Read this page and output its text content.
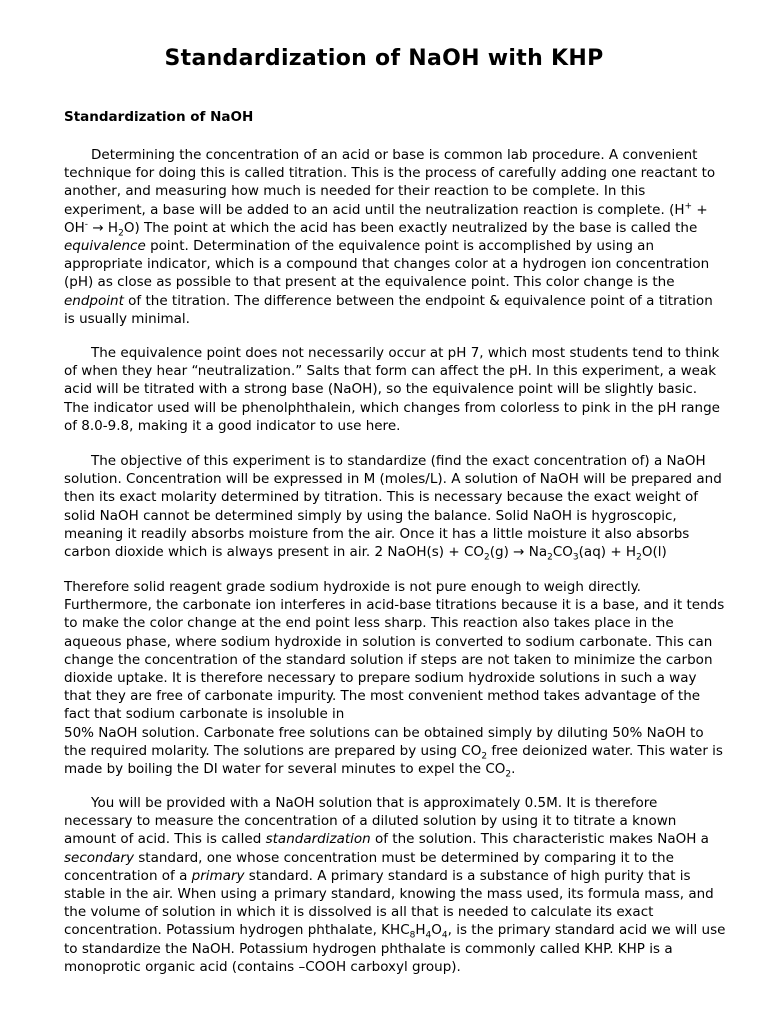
Standardization of NaOH with KHP
Standardization of NaOH

Determining the concentration of an acid or base is common lab procedure. A convenient technique for doing this is called titration. This is the process of carefully adding one reactant to another, and measuring how much is needed for their reaction to be complete. In this experiment, a base will be added to an acid until the neutralization reaction is complete. $(H^+ + OH^- \to H_2O)$ The point at which the acid has been exactly neutralized by the base is called the equivalence point. Determination of the equivalence point is accomplished by using an appropriate indicator, which is a compound that changes color at a hydrogen ion concentration (pH) as close as possible to that present at the equivalence point. This color change is the endpoint of the titration. The difference between the endpoint & equivalence point of a titration is usually minimal.

The equivalence point does not necessarily occur at pH 7, which most students tend to think of when they hear “neutralization.” Salts that form can affect the pH. In this experiment, a weak acid will be titrated with a strong base (NaOH), so the equivalence point will be slightly basic. The indicator used will be phenolphthalein, which changes from colorless to pink in the pH range of 8.0-9.8, making it a good indicator to use here.

The objective of this experiment is to standardize (find the exact concentration of) a NaOH solution. Concentration will be expressed in M (moles/L). A solution of NaOH will be prepared and then its exact molarity determined by titration. This is necessary because the exact weight of solid NaOH cannot be determined simply by using the balance. Solid NaOH is hygroscopic, meaning it readily absorbs moisture from the air. Once it has a little moisture it also absorbs carbon dioxide which is always present in air. 2 NaOH(s) + $CO_2(g) \to Na_2CO_3(aq) + H_2O(l)$

Therefore solid reagent grade sodium hydroxide is not pure enough to weigh directly. Furthermore, the carbonate ion interferes in acid-base titrations because it is a base, and it tends to make the color change at the end point less sharp. This reaction also takes place in the aqueous phase, where sodium hydroxide in solution is converted to sodium carbonate. This can change the concentration of the standard solution if steps are not taken to minimize the carbon dioxide uptake. It is therefore necessary to prepare sodium hydroxide solutions in such a way that they are free of carbonate impurity. The most convenient method takes advantage of the fact that sodium carbonate is insoluble in
50% NaOH solution. Carbonate free solutions can be obtained simply by diluting 50% NaOH to the required molarity. The solutions are prepared by using $CO_2$ free deionized water. This water is made by boiling the DI water for several minutes to expel the $CO_2$.

You will be provided with a NaOH solution that is approximately 0.5M. It is therefore necessary to measure the concentration of a diluted solution by using it to titrate a known amount of acid. This is called standardization of the solution. This characteristic makes NaOH a secondary standard, one whose concentration must be determined by comparing it to the concentration of a primary standard. A primary standard is a substance of high purity that is stable in the air. When using a primary standard, knowing the mass used, its formula mass, and the volume of solution in which it is dissolved is all that is needed to calculate its exact concentration. Potassium hydrogen phthalate, $KHC_8H_4O_4$, is the primary standard acid we will use to standardize the NaOH. Potassium hydrogen phthalate is commonly called KHP. KHP is a monoprotic organic acid (contains –COOH carboxyl group).
